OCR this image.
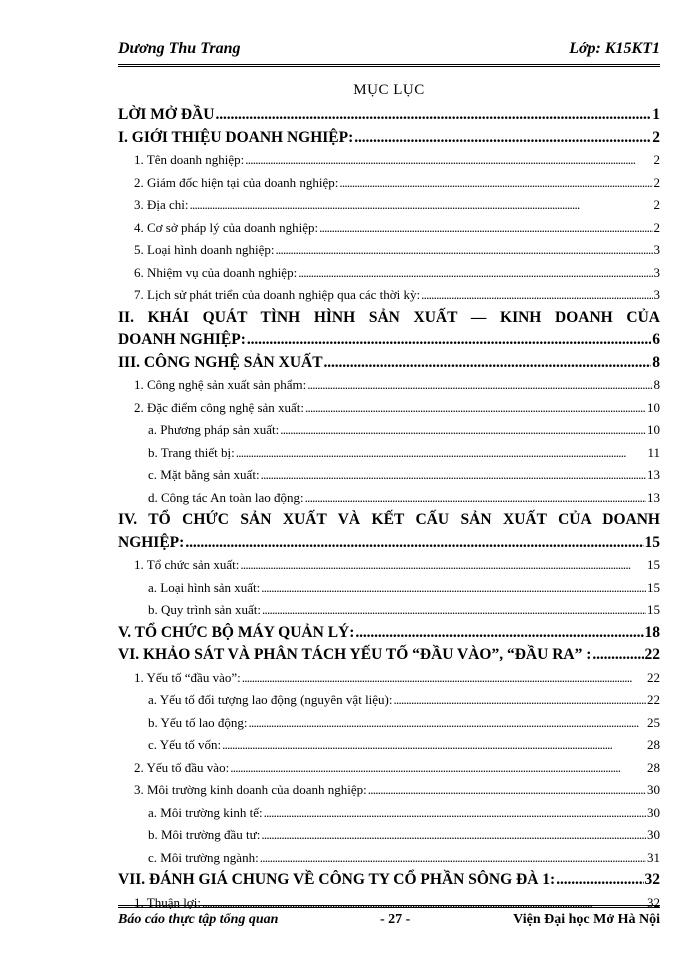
Dương Thu Trang	Lớp: K15KT1
MỤC LỤC
LỜI MỞ ĐẦU . . .	1
I. GIỚI THIỆU DOANH NGHIỆP: . . .	2
1. Tên doanh nghiệp: . . .	2
2. Giám đốc hiện tại của doanh nghiệp: . . .	2
3. Địa chỉ: . . .	2
4. Cơ sở pháp lý của doanh nghiệp: . . .	2
5. Loại hình doanh nghiệp: . . .	3
6. Nhiệm vụ của doanh nghiệp: . . .	3
7. Lịch sử phát triển của doanh nghiệp qua các thời kỳ: . . .	3
II. KHÁI QUÁT TÌNH HÌNH SẢN XUẤT — KINH DOANH CỦA
DOANH NGHIỆP: . . .	6
III. CÔNG NGHỆ SẢN XUẤT . . .	8
1. Công nghệ sản xuất sản phẩm: . . .	8
2. Đặc điểm công nghệ sản xuất: . . .	10
a. Phương pháp sản xuất: . . .	10
b. Trang thiết bị: . . .	11
c. Mặt bằng sản xuất: . . .	13
d. Công tác An toàn lao động: . . .	13
IV. TỔ CHỨC SẢN XUẤT VÀ KẾT CẤU SẢN XUẤT CỦA DOANH
NGHIỆP: . . .	15
1. Tổ chức sản xuất: . . .	15
a. Loại hình sản xuất: . . .	15
b. Quy trình sản xuất: . . .	15
V. TỔ CHỨC BỘ MÁY QUẢN LÝ: . . .	18
VI. KHẢO SÁT VÀ PHÂN TÁCH YẾU TỐ “ĐẦU VÀO”, “ĐẦU RA” : . . .	22
1. Yếu tố “đầu vào”: . . .	22
a. Yếu tố đối tượng lao động (nguyên vật liệu): . . .	22
b. Yếu tố lao động: . . .	25
c. Yếu tố vốn: . . .	28
2. Yếu tố đầu vào: . . .	28
3. Môi trường kinh doanh của doanh nghiệp: . . .	30
a. Môi trường kinh tế: . . .	30
b. Môi trường đầu tư: . . .	30
c. Môi trường ngành: . . .	31
VII. ĐÁNH GIÁ CHUNG VỀ CÔNG TY CỔ PHẦN SÔNG ĐÀ 1: . . .	32
1. Thuận lợi: . . .	32
Báo cáo thực tập tổng quan	- 27 -	Viện Đại học Mở Hà Nội
